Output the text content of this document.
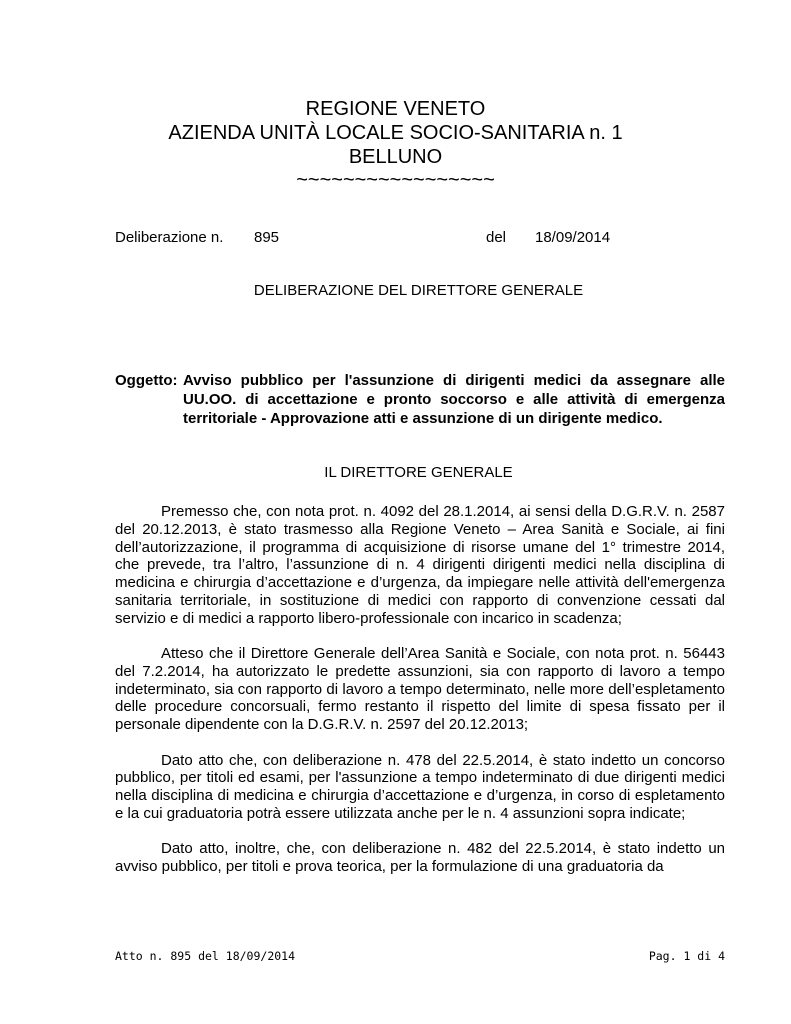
REGIONE VENETO
AZIENDA UNITÀ LOCALE SOCIO-SANITARIA n. 1
BELLUNO
~~~~~~~~~~~~~~~~~
Deliberazione n. 895	del 18/09/2014
DELIBERAZIONE DEL DIRETTORE GENERALE
Oggetto: Avviso pubblico per l'assunzione di dirigenti medici da assegnare alle UU.OO. di accettazione e pronto soccorso e alle attività di emergenza territoriale - Approvazione atti e assunzione di un dirigente medico.
IL DIRETTORE GENERALE

Premesso che, con nota prot. n. 4092 del 28.1.2014, ai sensi della D.G.R.V. n. 2587 del 20.12.2013, è stato trasmesso alla Regione Veneto – Area Sanità e Sociale, ai fini dell’autorizzazione, il programma di acquisizione di risorse umane del 1° trimestre 2014, che prevede, tra l’altro, l’assunzione di n. 4 dirigenti dirigenti medici nella disciplina di medicina e chirurgia d’accettazione e d’urgenza, da impiegare nelle attività dell'emergenza sanitaria territoriale, in sostituzione di medici con rapporto di convenzione cessati dal servizio e di medici a rapporto libero-professionale con incarico in scadenza;

Atteso che il Direttore Generale dell’Area Sanità e Sociale, con nota prot. n. 56443 del 7.2.2014, ha autorizzato le predette assunzioni, sia con rapporto di lavoro a tempo indeterminato, sia con rapporto di lavoro a tempo determinato, nelle more dell’espletamento delle procedure concorsuali, fermo restanto il rispetto del limite di spesa fissato per il personale dipendente con la D.G.R.V. n. 2597 del 20.12.2013;

Dato atto che, con deliberazione n. 478 del 22.5.2014, è stato indetto un concorso pubblico, per titoli ed esami, per l'assunzione a tempo indeterminato di due dirigenti medici nella disciplina di medicina e chirurgia d’accettazione e d’urgenza, in corso di espletamento e la cui graduatoria potrà essere utilizzata anche per le n. 4 assunzioni sopra indicate;

Dato atto, inoltre, che, con deliberazione n. 482 del 22.5.2014, è stato indetto un avviso pubblico, per titoli e prova teorica, per la formulazione di una graduatoria da

Atto n. 895 del 18/09/2014	Pag. 1 di 4
